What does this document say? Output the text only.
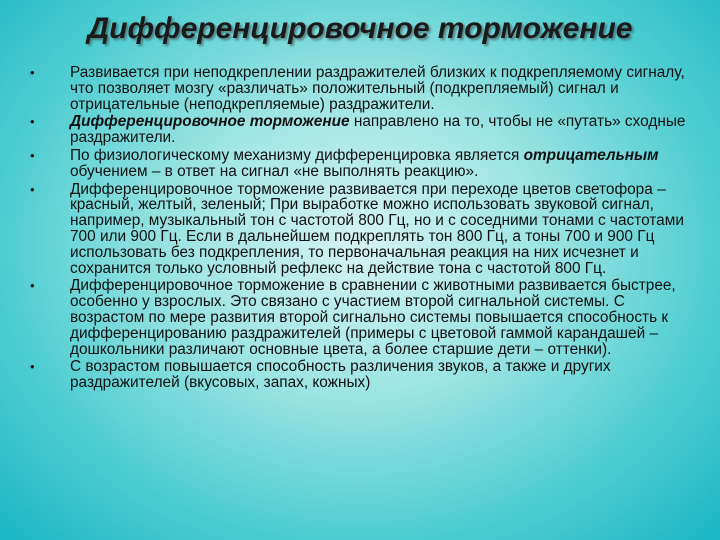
Дифференцировочное торможение
• Развивается при неподкреплении раздражителей близких к подкрепляемому сигналу, что позволяет мозгу «различать» положительный (подкрепляемый) сигнал и отрицательные (неподкрепляемые) раздражители.
• Дифференцировочное торможение направлено на то, чтобы не «путать» сходные раздражители.
• По физиологическому механизму дифференцировка является отрицательным обучением – в ответ на сигнал «не выполнять реакцию».
• Дифференцировочное торможение развивается при переходе цветов светофора – красный, желтый, зеленый; При выработке можно использовать звуковой сигнал, например, музыкальный тон с частотой 800 Гц, но и с соседними тонами с частотами 700 или 900 Гц. Если в дальнейшем подкреплять тон 800 Гц, а тоны 700 и 900 Гц использовать без подкрепления, то первоначальная реакция на них исчезнет и сохранится только условный рефлекс на действие тона с частотой 800 Гц.
• Дифференцировочное торможение в сравнении с животными развивается быстрее, особенно у взрослых. Это связано с участием второй сигнальной системы. С возрастом по мере развития второй сигнально системы повышается способность к дифференцированию раздражителей (примеры с цветовой гаммой карандашей – дошкольники различают основные цвета, а более старшие дети – оттенки).
• С возрастом повышается способность различения звуков, а также и других раздражителей (вкусовых, запах, кожных)
